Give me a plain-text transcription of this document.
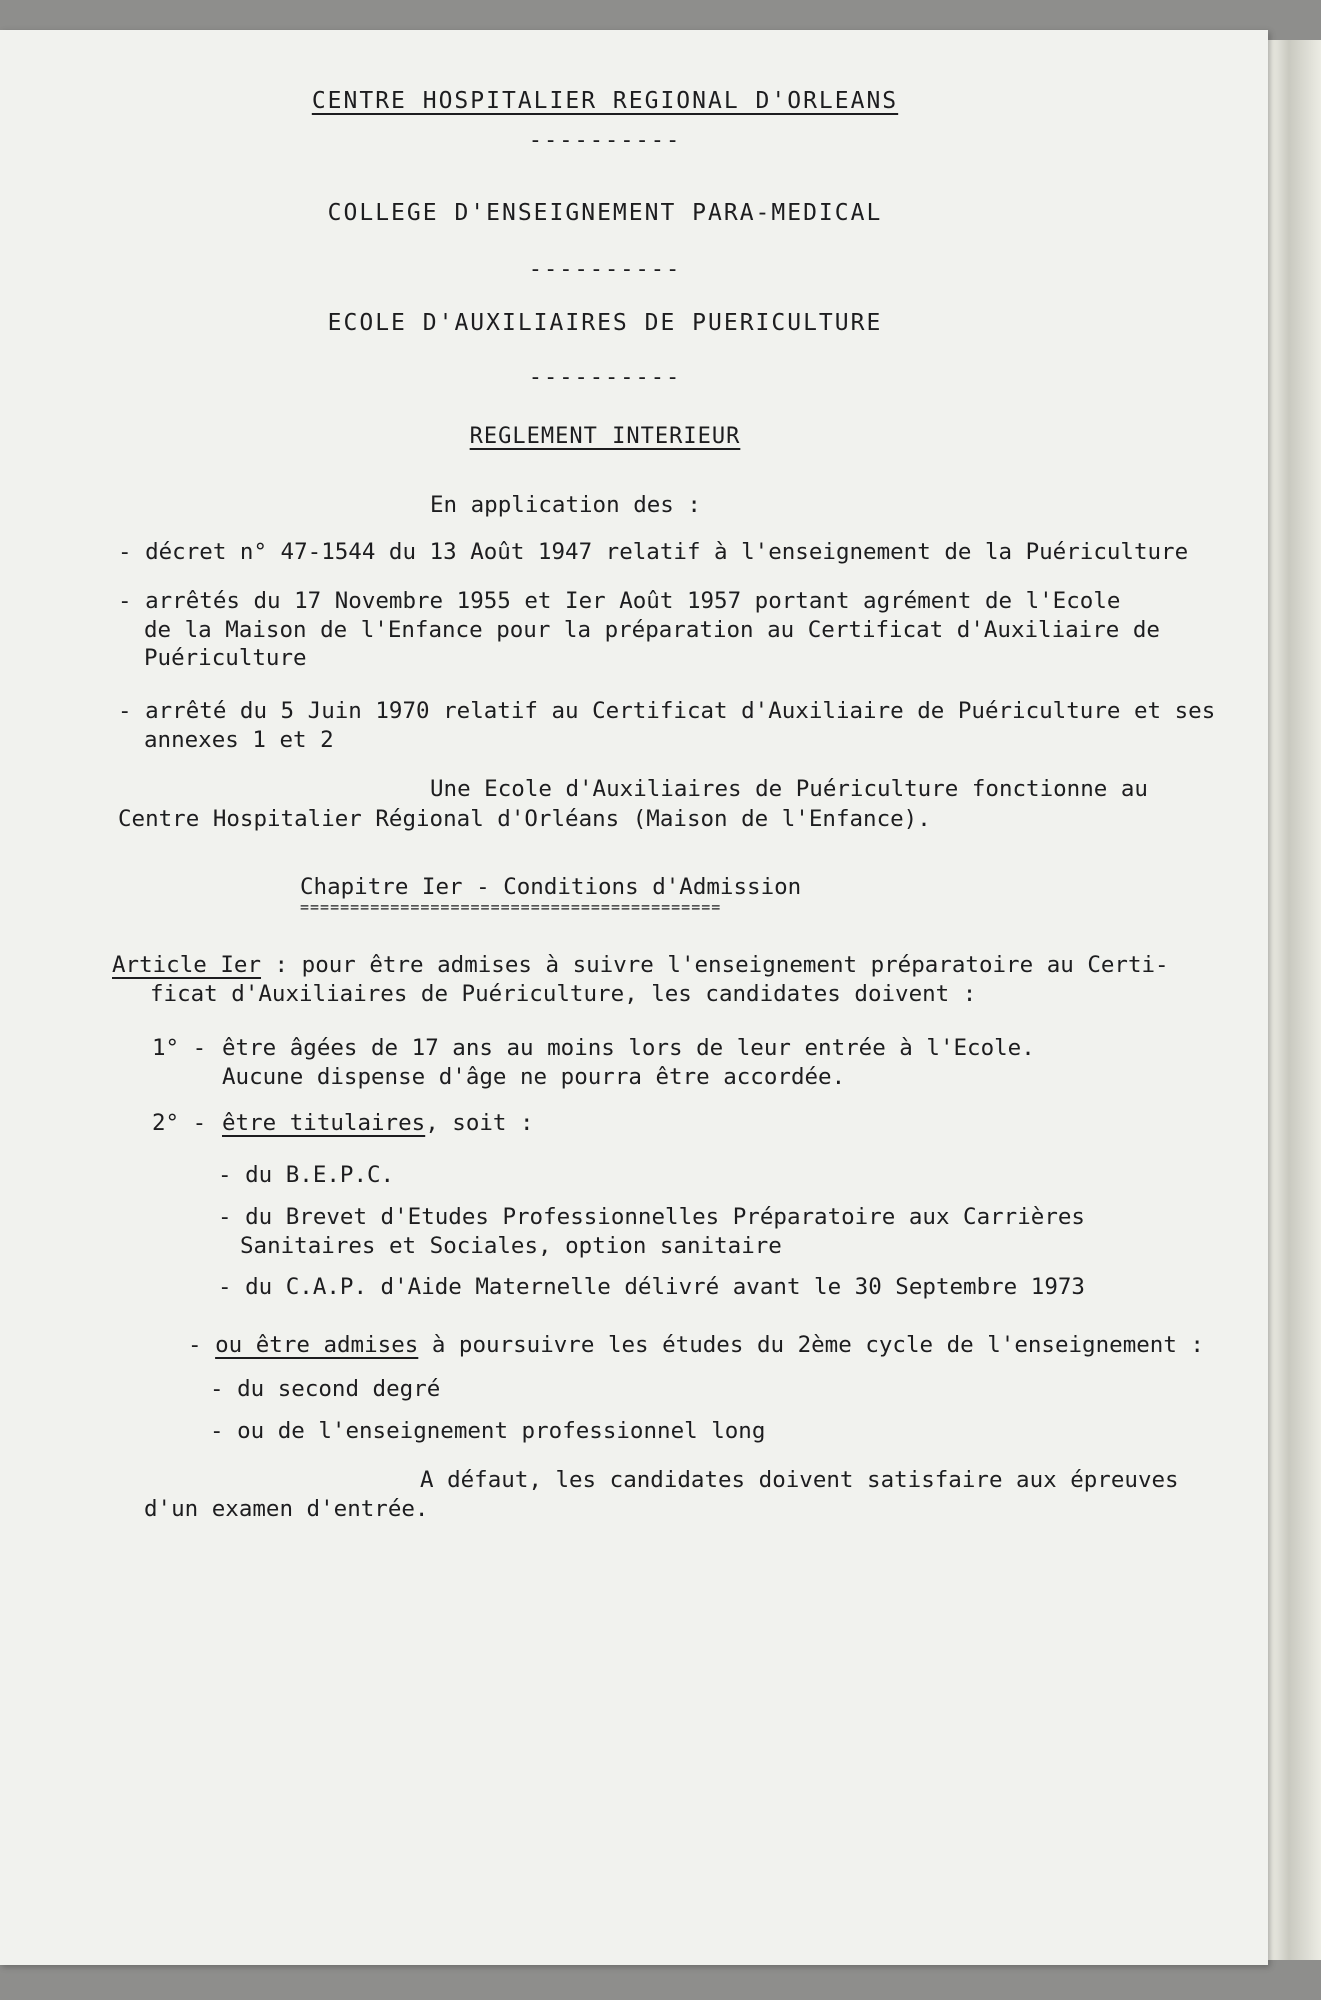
CENTRE HOSPITALIER REGIONAL D'ORLEANS
----------
COLLEGE D'ENSEIGNEMENT PARA-MEDICAL
----------
ECOLE D'AUXILIAIRES DE PUERICULTURE
----------
REGLEMENT INTERIEUR
En application des :
- décret n° 47-1544 du 13 Août 1947 relatif à l'enseignement de la Puériculture
- arrêtés du 17 Novembre 1955 et Ier Août 1957 portant agrément de l'Ecole
de la Maison de l'Enfance pour la préparation au Certificat d'Auxiliaire de
Puériculture
- arrêté du 5 Juin 1970 relatif au Certificat d'Auxiliaire de Puériculture et ses
annexes 1 et 2
Une Ecole d'Auxiliaires de Puériculture fonctionne au
Centre Hospitalier Régional d'Orléans (Maison de l'Enfance).
Chapitre Ier - Conditions d'Admission
==========================================
Article Ier : pour être admises à suivre l'enseignement préparatoire au Certi-
ficat d'Auxiliaires de Puériculture, les candidates doivent :
1° - être âgées de 17 ans au moins lors de leur entrée à l'Ecole.
Aucune dispense d'âge ne pourra être accordée.
2° - être titulaires, soit :
- du B.E.P.C.
- du Brevet d'Etudes Professionnelles Préparatoire aux Carrières
Sanitaires et Sociales, option sanitaire
- du C.A.P. d'Aide Maternelle délivré avant le 30 Septembre 1973
- ou être admises à poursuivre les études du 2ème cycle de l'enseignement :
- du second degré
- ou de l'enseignement professionnel long
A défaut, les candidates doivent satisfaire aux épreuves
d'un examen d'entrée.
